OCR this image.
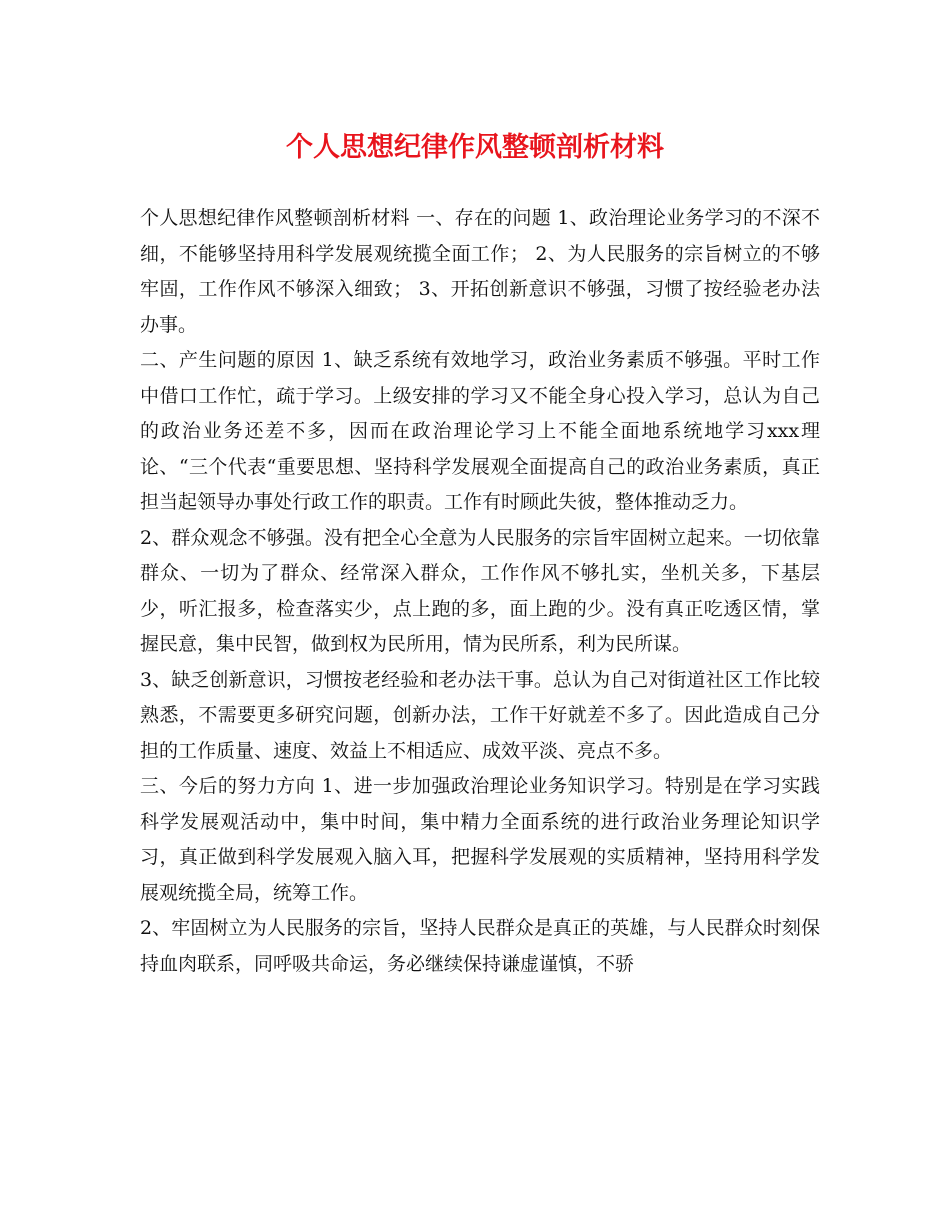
个人思想纪律作风整顿剖析材料

个人思想纪律作风整顿剖析材料 一、存在的问题 1、政治理论业务学习的不深不细，不能够坚持用科学发展观统揽全面工作； 2、为人民服务的宗旨树立的不够牢固，工作作风不够深入细致； 3、开拓创新意识不够强，习惯了按经验老办法办事。

二、产生问题的原因 1、缺乏系统有效地学习，政治业务素质不够强。平时工作中借口工作忙，疏于学习。上级安排的学习又不能全身心投入学习，总认为自己的政治业务还差不多，因而在政治理论学习上不能全面地系统地学习xxx理论、“三个代表“重要思想、坚持科学发展观全面提高自己的政治业务素质，真正担当起领导办事处行政工作的职责。工作有时顾此失彼，整体推动乏力。

2、群众观念不够强。没有把全心全意为人民服务的宗旨牢固树立起来。一切依靠群众、一切为了群众、经常深入群众，工作作风不够扎实，坐机关多，下基层少，听汇报多，检查落实少，点上跑的多，面上跑的少。没有真正吃透区情，掌握民意，集中民智，做到权为民所用，情为民所系，利为民所谋。

3、缺乏创新意识，习惯按老经验和老办法干事。总认为自己对街道社区工作比较熟悉，不需要更多研究问题，创新办法，工作干好就差不多了。因此造成自己分担的工作质量、速度、效益上不相适应、成效平淡、亮点不多。

三、今后的努力方向 1、进一步加强政治理论业务知识学习。特别是在学习实践科学发展观活动中，集中时间，集中精力全面系统的进行政治业务理论知识学习，真正做到科学发展观入脑入耳，把握科学发展观的实质精神，坚持用科学发展观统揽全局，统筹工作。

2、牢固树立为人民服务的宗旨，坚持人民群众是真正的英雄，与人民群众时刻保持血肉联系，同呼吸共命运，务必继续保持谦虚谨慎，不骄
